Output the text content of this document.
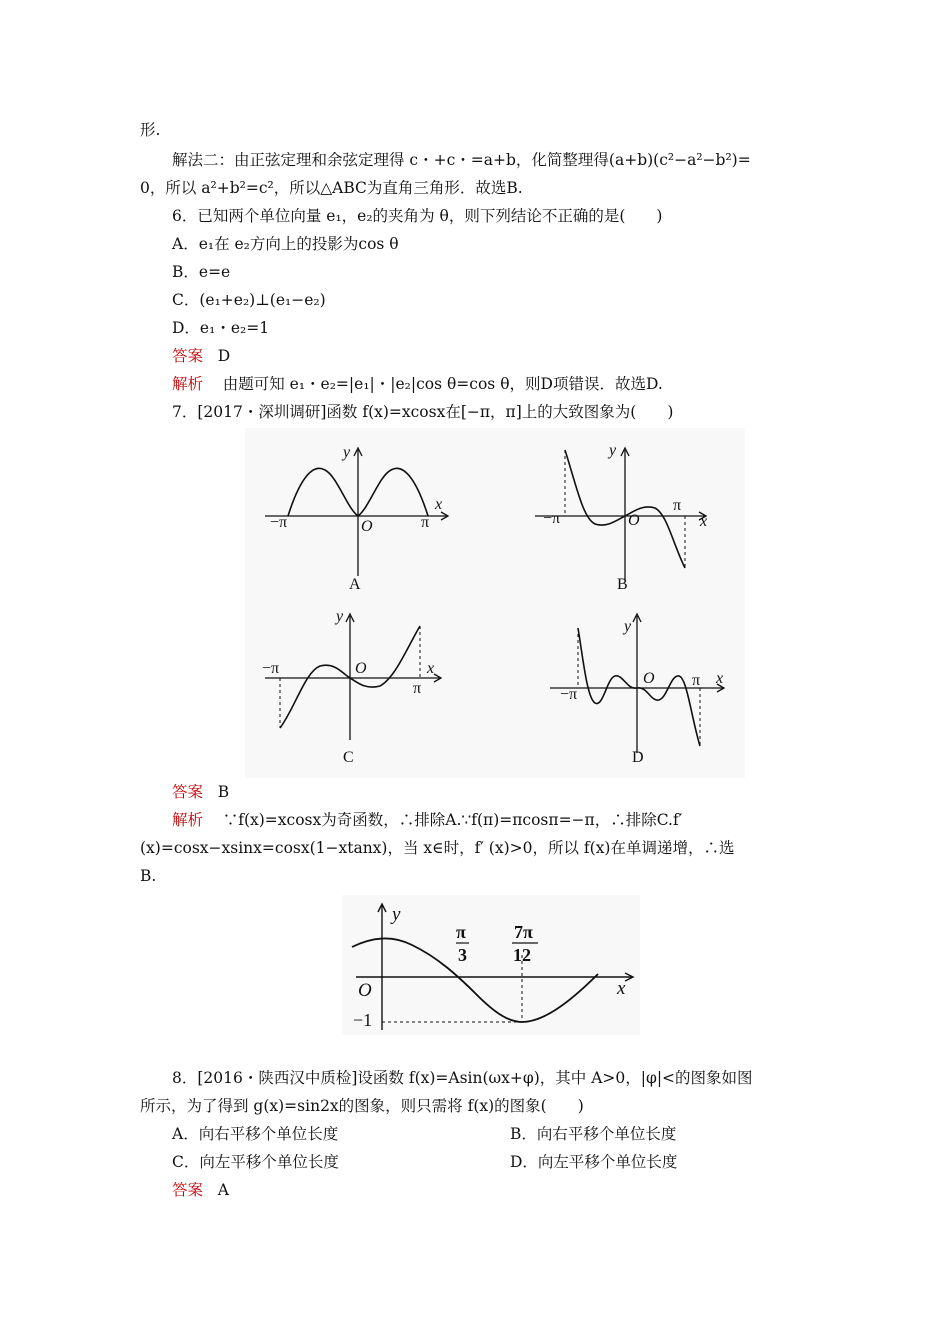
形.
解法二：由正弦定理和余弦定理得 c・+c・=a+b，化简整理得(a+b)(c²−a²−b²)=
0，所以 a²+b²=c²，所以△ABC为直角三角形．故选B.
6．已知两个单位向量 e₁，e₂的夹角为 θ，则下列结论不正确的是(　　)
A．e₁在 e₂方向上的投影为cos θ
B．e=e
C．(e₁+e₂)⊥(e₁−e₂)
D．e₁・e₂=1
答案 D
解析 由题可知 e₁・e₂=|e₁|・|e₂|cos θ=cos θ，则D项错误．故选D.
7．[2017・深圳调研]函数 f(x)=xcosx在[−π，π]上的大致图象为(　　)
y
x
O
−π	π
A
y
x
O
−π
π
B
y
x
O
−π
π
C
y
x
O
−π
π
D
答案 B
解析 ∵f(x)=xcosx为奇函数，∴排除A.∵f(π)=πcosπ=−π，∴排除C.f′
(x)=cosx−xsinx=cosx(1−xtanx)，当 x∈时，f′ (x)>0，所以 f(x)在单调递增，∴选
B.
y
x
O
π
3
7π
12
−1
8．[2016・陕西汉中质检]设函数 f(x)=Asin(ωx+φ)，其中 A>0，|φ|<的图象如图
所示，为了得到 g(x)=sin2x的图象，则只需将 f(x)的图象(　　)
A．向右平移个单位长度	B．向右平移个单位长度
C．向左平移个单位长度	D．向左平移个单位长度
答案 A
